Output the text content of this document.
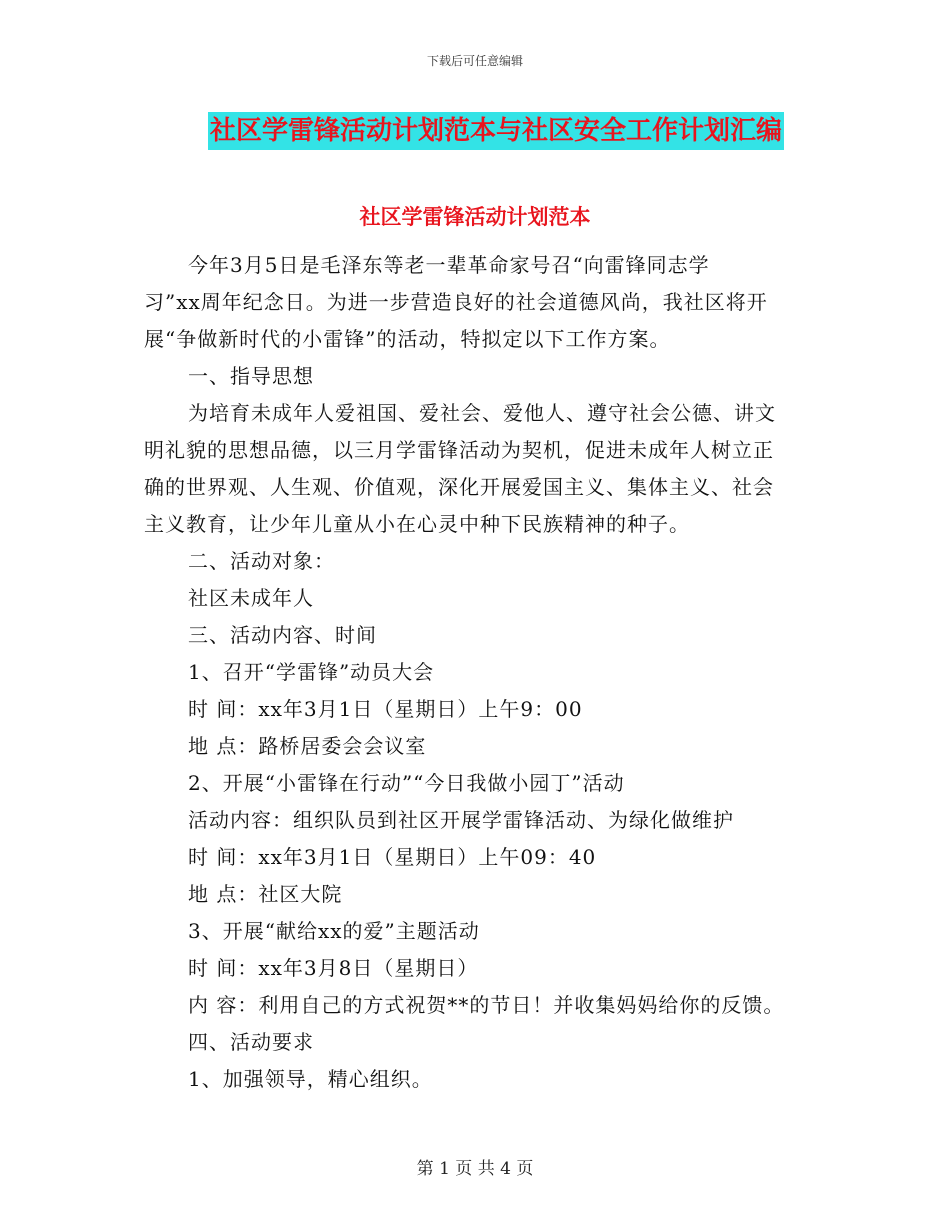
下载后可任意编辑
社区学雷锋活动计划范本与社区安全工作计划汇编
社区学雷锋活动计划范本
今年3月5日是毛泽东等老一辈革命家号召“向雷锋同志学
习”xx周年纪念日。为进一步营造良好的社会道德风尚，我社区将开
展“争做新时代的小雷锋”的活动，特拟定以下工作方案。
一、指导思想
为培育未成年人爱祖国、爱社会、爱他人、遵守社会公德、讲文
明礼貌的思想品德，以三月学雷锋活动为契机，促进未成年人树立正
确的世界观、人生观、价值观，深化开展爱国主义、集体主义、社会
主义教育，让少年儿童从小在心灵中种下民族精神的种子。
二、活动对象：
社区未成年人
三、活动内容、时间
1、召开“学雷锋”动员大会
时 间：xx年3月1日（星期日）上午9：00
地 点：路桥居委会会议室
2、开展“小雷锋在行动”“今日我做小园丁”活动
活动内容：组织队员到社区开展学雷锋活动、为绿化做维护
时 间：xx年3月1日（星期日）上午09：40
地 点：社区大院
3、开展“献给xx的爱”主题活动
时 间：xx年3月8日（星期日）
内 容：利用自己的方式祝贺**的节日！并收集妈妈给你的反馈。
四、活动要求
1、加强领导，精心组织。
第 1 页 共 4 页
